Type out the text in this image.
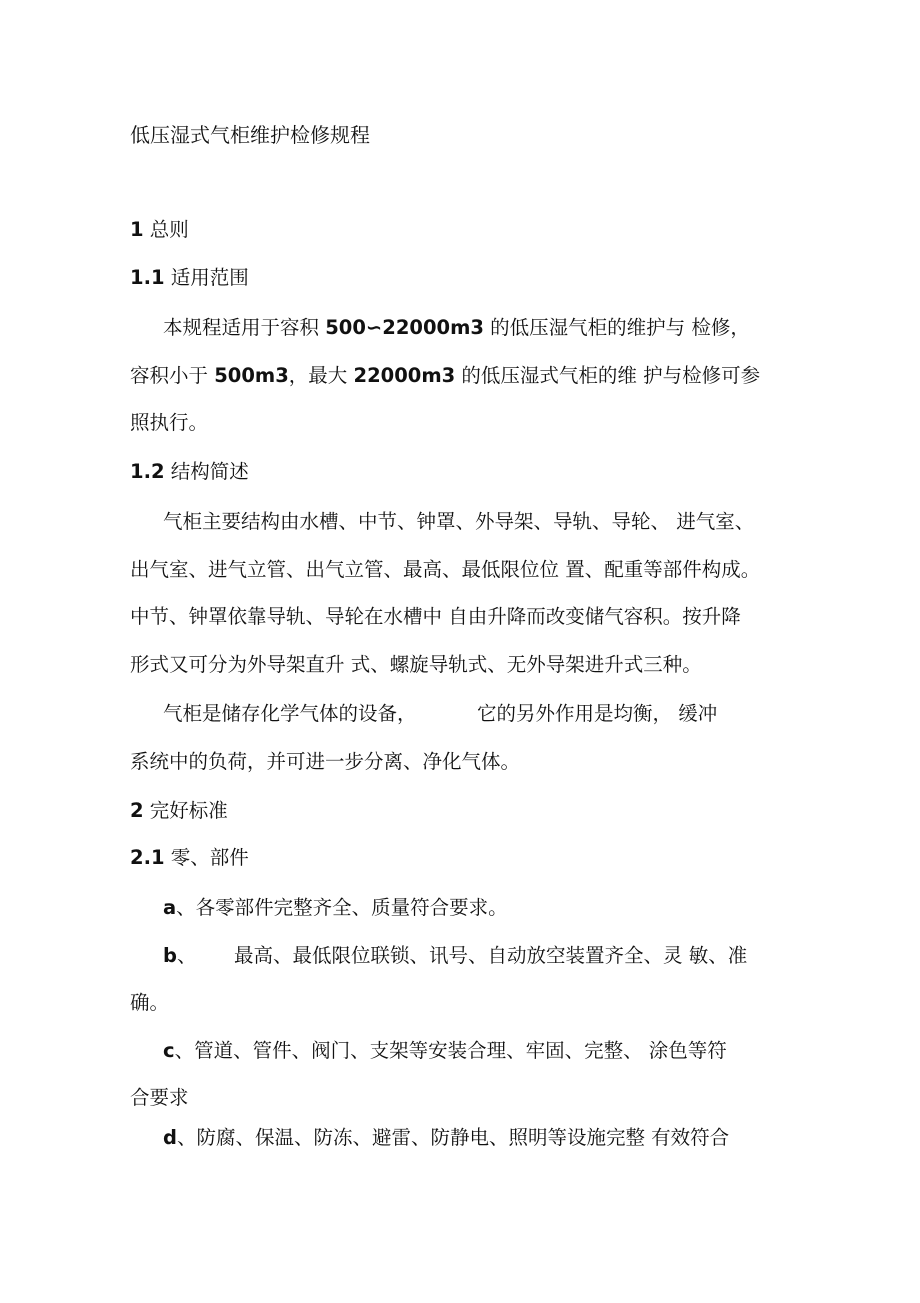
低压湿式气柜维护检修规程
1 总则
1.1 适用范围
本规程适用于容积 500∽22000m3 的低压湿气柜的维护与 检修，
容积小于 500m3，最大 22000m3 的低压湿式气柜的维 护与检修可参
照执行。
1.2 结构简述
气柜主要结构由水槽、中节、钟罩、外导架、导轨、导轮、 进气室、
出气室、进气立管、出气立管、最高、最低限位位 置、配重等部件构成。
中节、钟罩依靠导轨、导轮在水槽中 自由升降而改变储气容积。按升降
形式又可分为外导架直升 式、螺旋导轨式、无外导架进升式三种。
气柜是储存化学气体的设备，	它的另外作用是均衡， 缓冲
系统中的负荷，并可进一步分离、净化气体。
2 完好标准
2.1 零、部件
a、各零部件完整齐全、质量符合要求。
b、 最高、最低限位联锁、讯号、自动放空装置齐全、灵 敏、准
确。
c、管道、管件、阀门、支架等安装合理、牢固、完整、 涂色等符
合要求
d、防腐、保温、防冻、避雷、防静电、照明等设施完整 有效符合
